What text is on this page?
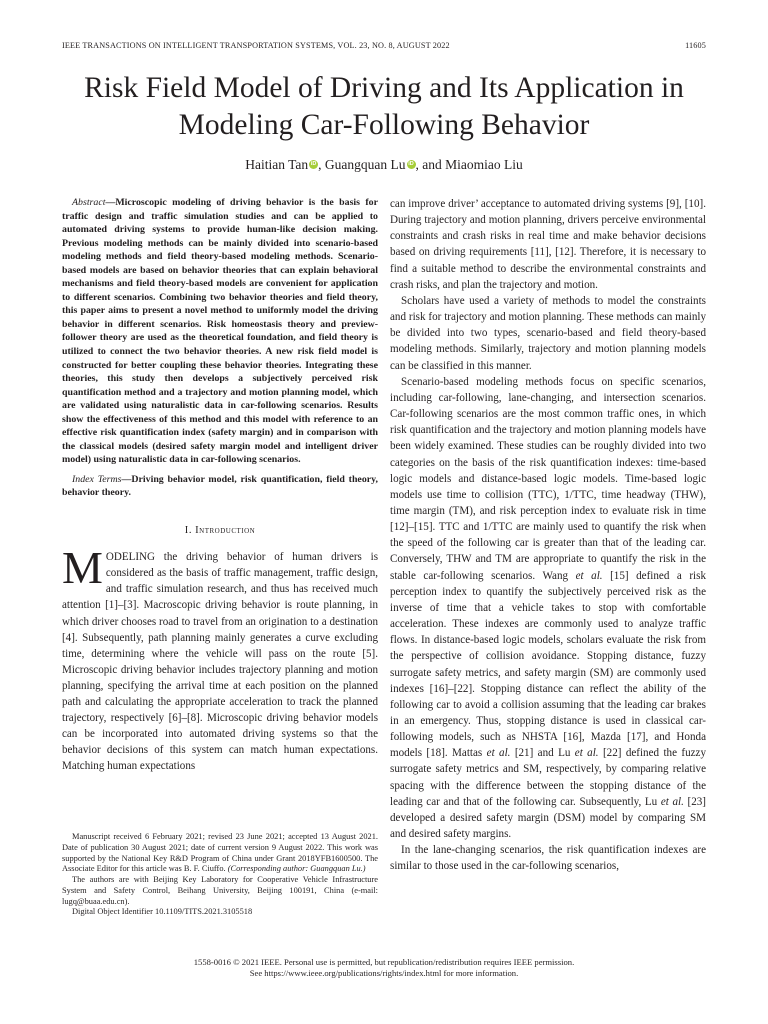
IEEE TRANSACTIONS ON INTELLIGENT TRANSPORTATION SYSTEMS, VOL. 23, NO. 8, AUGUST 2022	11605
Risk Field Model of Driving and Its Application in
Modeling Car-Following Behavior
Haitian Tan iD , Guangquan Lu iD , and Miaomiao Liu

Abstract—Microscopic modeling of driving behavior is the basis for traffic design and traffic simulation studies and can be applied to automated driving systems to provide human-like decision making. Previous modeling methods can be mainly divided into scenario-based modeling methods and field theory-based modeling methods. Scenario-based models are based on behavior theories that can explain behavioral mechanisms and field theory-based models are convenient for application to different scenarios. Combining two behavior theories and field theory, this paper aims to present a novel method to uniformly model the driving behavior in different scenarios. Risk homeostasis theory and preview-follower theory are used as the theoretical foundation, and field theory is utilized to connect the two behavior theories. A new risk field model is constructed for better coupling these behavior theories. Integrating these theories, this study then develops a subjectively perceived risk quantification method and a trajectory and motion planning model, which are validated using naturalistic data in car-following scenarios. Results show the effectiveness of this method and this model with reference to an effective risk quantification index (safety margin) and in comparison with the classical models (desired safety margin model and intelligent driver model) using naturalistic data in car-following scenarios.

Index Terms—Driving behavior model, risk quantification, field theory, behavior theory.

I. Introduction

MODELING the driving behavior of human drivers is considered as the basis of traffic management, traffic design, and traffic simulation research, and thus has received much attention [1]–[3]. Macroscopic driving behavior is route planning, in which driver chooses road to travel from an origination to a destination [4]. Subsequently, path planning mainly generates a curve excluding time, determining where the vehicle will pass on the route [5]. Microscopic driving behavior includes trajectory planning and motion planning, specifying the arrival time at each position on the planned path and calculating the appropriate acceleration to track the planned trajectory, respectively [6]–[8]. Microscopic driving behavior models can be incorporated into automated driving systems so that the behavior decisions of this system can match human expectations. Matching human expectations

Manuscript received 6 February 2021; revised 23 June 2021; accepted 13 August 2021. Date of publication 30 August 2021; date of current version 9 August 2022. This work was supported by the National Key R&D Program of China under Grant 2018YFB1600500. The Associate Editor for this article was B. F. Ciuffo. (Corresponding author: Guangquan Lu.)

The authors are with Beijing Key Laboratory for Cooperative Vehicle Infrastructure System and Safety Control, Beihang University, Beijing 100191, China (e-mail: lugq@buaa.edu.cn).

Digital Object Identifier 10.1109/TITS.2021.3105518

can improve driver’ acceptance to automated driving systems [9], [10]. During trajectory and motion planning, drivers perceive environmental constraints and crash risks in real time and make behavior decisions based on driving requirements [11], [12]. Therefore, it is necessary to find a suitable method to describe the environmental constraints and crash risks, and plan the trajectory and motion.

Scholars have used a variety of methods to model the constraints and risk for trajectory and motion planning. These methods can mainly be divided into two types, scenario-based and field theory-based modeling methods. Similarly, trajectory and motion planning models can be classified in this manner.

Scenario-based modeling methods focus on specific scenarios, including car-following, lane-changing, and intersection scenarios. Car-following scenarios are the most common traffic ones, in which risk quantification and the trajectory and motion planning models have been widely examined. These studies can be roughly divided into two categories on the basis of the risk quantification indexes: time-based logic models and distance-based logic models. Time-based logic models use time to collision (TTC), 1/TTC, time headway (THW), time margin (TM), and risk perception index to evaluate risk in time [12]–[15]. TTC and 1/TTC are mainly used to quantify the risk when the speed of the following car is greater than that of the leading car. Conversely, THW and TM are appropriate to quantify the risk in the stable car-following scenarios. Wang et al. [15] defined a risk perception index to quantify the subjectively perceived risk as the inverse of time that a vehicle takes to stop with comfortable acceleration. These indexes are commonly used to analyze traffic flows. In distance-based logic models, scholars evaluate the risk from the perspective of collision avoidance. Stopping distance, fuzzy surrogate safety metrics, and safety margin (SM) are commonly used indexes [16]–[22]. Stopping distance can reflect the ability of the following car to avoid a collision assuming that the leading car brakes in an emergency. Thus, stopping distance is used in classical car-following models, such as NHSTA [16], Mazda [17], and Honda models [18]. Mattas et al. [21] and Lu et al. [22] defined the fuzzy surrogate safety metrics and SM, respectively, by comparing relative spacing with the difference between the stopping distance of the leading car and that of the following car. Subsequently, Lu et al. [23] developed a desired safety margin (DSM) model by comparing SM and desired safety margins.

In the lane-changing scenarios, the risk quantification indexes are similar to those used in the car-following scenarios,

1558-0016 © 2021 IEEE. Personal use is permitted, but republication/redistribution requires IEEE permission.
See https://www.ieee.org/publications/rights/index.html for more information.
